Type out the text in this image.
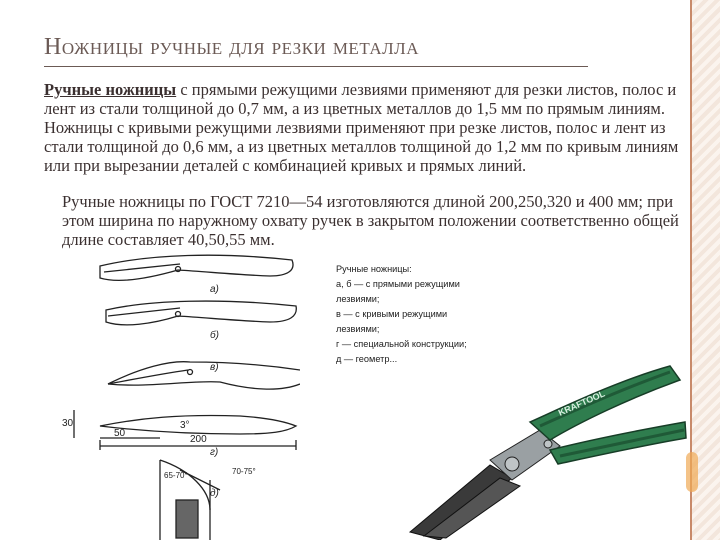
Ножницы ручные для резки металла
Ручные ножницы с прямыми режущими лезвиями применяют для резки листов, полос и лент из стали толщиной до 0,7 мм, а из цветных металлов до 1,5 мм по прямым линиям. Ножницы с кривыми режущими лезвиями применяют при резке листов, полос и лент из стали толщиной до 0,6 мм, а из цветных металлов толщиной до 1,2 мм по кривым линиям или при вырезании деталей с комбинацией кривых и прямых линий.
Ручные ножницы по ГОСТ 7210—54 изготовляются длиной 200,250,320 и 400 мм; при этом ширина по наружному охвату ручек в закрытом положении соответственно общей длине составляет 40,50,55 мм.
а)
б)
в)
г)
д)
50
200
30	3°
65-70°	70-75°
Ручные ножницы:
а, б — с прямыми режущими
лезвиями;
в — с кривыми режущими
лезвиями;
г — специальной конструкции;
д — геометр...
KRAFTOOL
